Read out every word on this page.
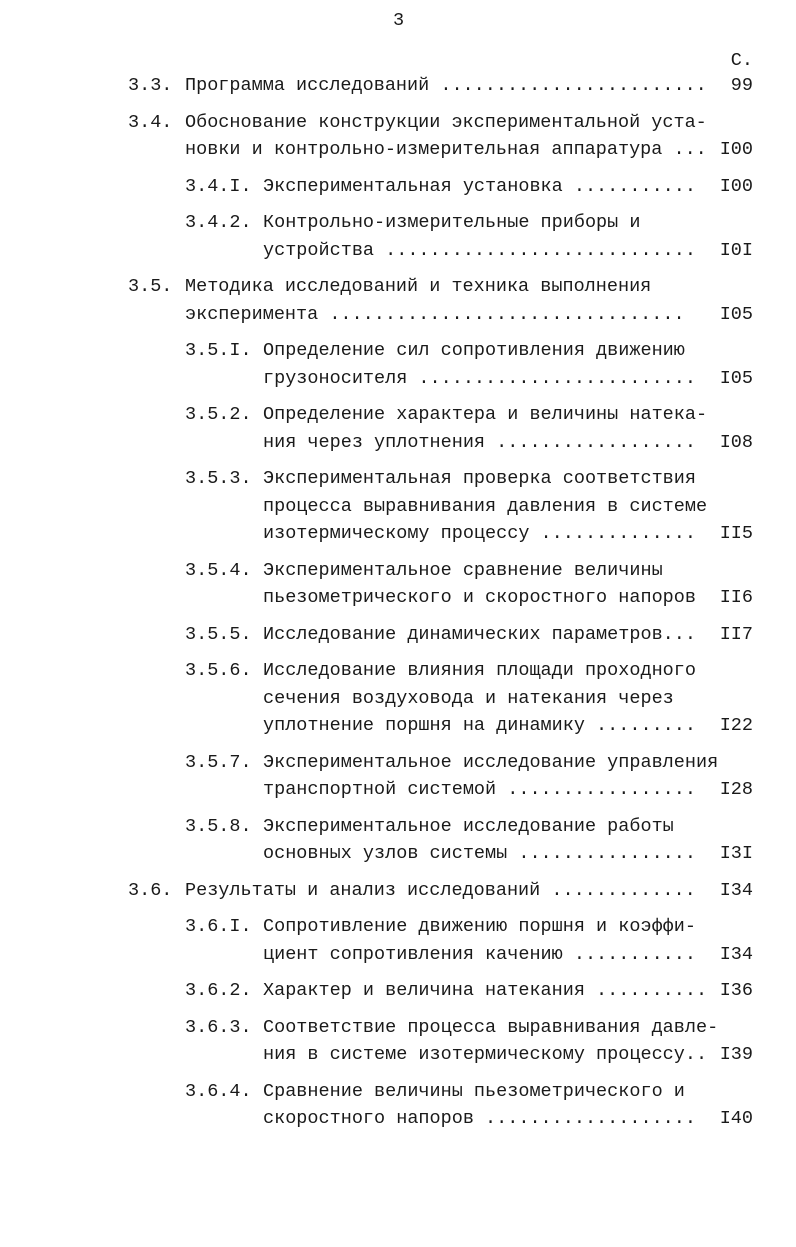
3
С.
3.3. Программа исследований ........................ 99
3.4. Обоснование конструкции экспериментальной уста-
новки и контрольно-измерительная аппаратура ... I00
3.4.I. Экспериментальная установка ........... I00
3.4.2. Контрольно-измерительные приборы и
устройства ............................ I0I
3.5. Методика исследований и техника выполнения
эксперимента ................................ I05
3.5.I. Определение сил сопротивления движению
грузоносителя ......................... I05
3.5.2. Определение характера и величины натека-
ния через уплотнения .................. I08
3.5.3. Экспериментальная проверка соответствия
процесса выравнивания давления в системе
изотермическому процессу .............. II5
3.5.4. Экспериментальное сравнение величины
пьезометрического и скоростного напоров II6
3.5.5. Исследование динамических параметров... II7
3.5.6. Исследование влияния площади проходного
сечения воздуховода и натекания через
уплотнение поршня на динамику ......... I22
3.5.7. Экспериментальное исследование управления
транспортной системой ................. I28
3.5.8. Экспериментальное исследование работы
основных узлов системы ................ I3I
3.6. Результаты и анализ исследований ............. I34
3.6.I. Сопротивление движению поршня и коэффи-
циент сопротивления качению ........... I34
3.6.2. Характер и величина натекания .......... I36
3.6.3. Соответствие процесса выравнивания давле-
ния в системе изотермическому процессу.. I39
3.6.4. Сравнение величины пьезометрического и
скоростного напоров ................... I40
